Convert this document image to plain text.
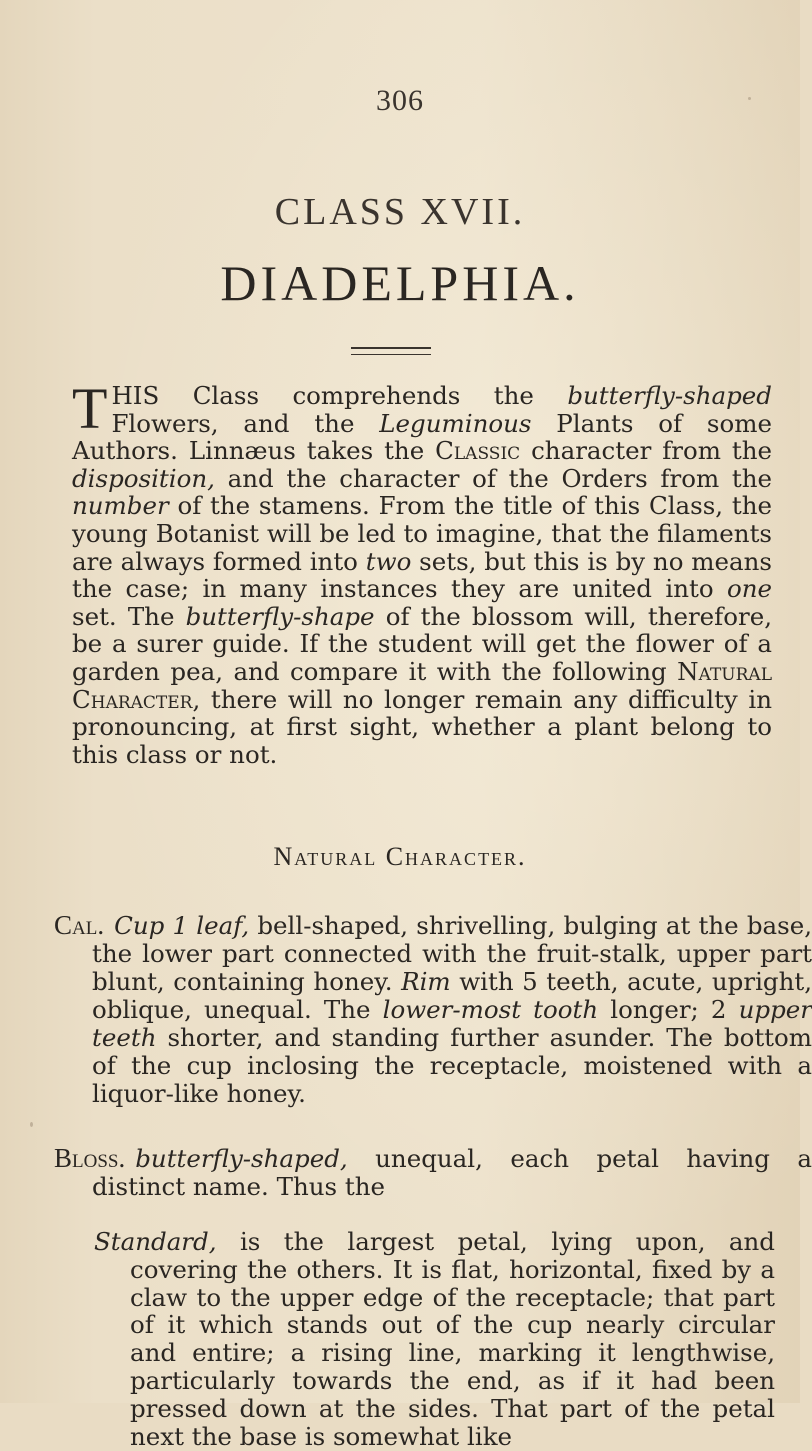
306
CLASS XVII.
DIADELPHIA.

THIS Class comprehends the butterfly-shaped Flowers, and the Leguminous Plants of some Authors. Linnæus takes the Classic character from the disposition, and the character of the Orders from the number of the stamens. From the title of this Class, the young Botanist will be led to imagine, that the filaments are always formed into two sets, but this is by no means the case; in many instances they are united into one set. The butterfly-shape of the blossom will, therefore, be a surer guide. If the student will get the flower of a garden pea, and compare it with the following Natural Character, there will no longer remain any difficulty in pronouncing, at first sight, whether a plant belong to this class or not.

Natural Character.

Cal. Cup 1 leaf, bell-shaped, shrivelling, bulging at the base, the lower part connected with the fruit-stalk, upper part blunt, containing honey. Rim with 5 teeth, acute, upright, oblique, unequal. The lower-most tooth longer; 2 upper teeth shorter, and standing further asunder. The bottom of the cup inclosing the receptacle, moistened with a liquor-like honey.

Bloss. butterfly-shaped, unequal, each petal having a distinct name. Thus the

Standard, is the largest petal, lying upon, and covering the others. It is flat, horizontal, fixed by a claw to the upper edge of the receptacle; that part of it which stands out of the cup nearly circular and entire; a rising line, marking it lengthwise, particularly towards the end, as if it had been pressed down at the sides. That part of the petal next the base is somewhat like
